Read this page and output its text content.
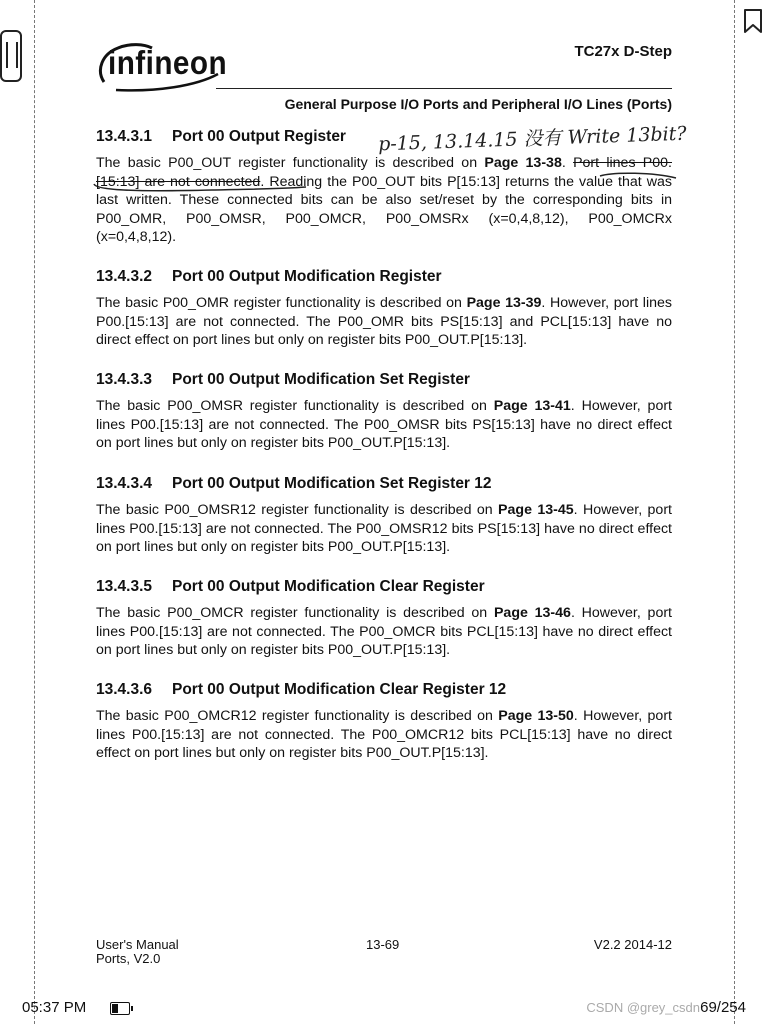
infineon	TC27x D-Step
General Purpose I/O Ports and Peripheral I/O Lines (Ports)
p-15, 13.14.15 没有 Write 13bit?
13.4.3.1 Port 00 Output Register

The basic P00_OUT register functionality is described on Page 13-38. Port lines P00.[15:13] are not connected. Reading the P00_OUT bits P[15:13] returns the value that was last written. These connected bits can be also set/reset by the corresponding bits in P00_OMR, P00_OMSR, P00_OMCR, P00_OMSRx (x=0,4,8,12), P00_OMCRx (x=0,4,8,12).

13.4.3.2 Port 00 Output Modification Register

The basic P00_OMR register functionality is described on Page 13-39. However, port lines P00.[15:13] are not connected. The P00_OMR bits PS[15:13] and PCL[15:13] have no direct effect on port lines but only on register bits P00_OUT.P[15:13].

13.4.3.3 Port 00 Output Modification Set Register

The basic P00_OMSR register functionality is described on Page 13-41. However, port lines P00.[15:13] are not connected. The P00_OMSR bits PS[15:13] have no direct effect on port lines but only on register bits P00_OUT.P[15:13].

13.4.3.4 Port 00 Output Modification Set Register 12

The basic P00_OMSR12 register functionality is described on Page 13-45. However, port lines P00.[15:13] are not connected. The P00_OMSR12 bits PS[15:13] have no direct effect on port lines but only on register bits P00_OUT.P[15:13].

13.4.3.5 Port 00 Output Modification Clear Register

The basic P00_OMCR register functionality is described on Page 13-46. However, port lines P00.[15:13] are not connected. The P00_OMCR bits PCL[15:13] have no direct effect on port lines but only on register bits P00_OUT.P[15:13].

13.4.3.6 Port 00 Output Modification Clear Register 12

The basic P00_OMCR12 register functionality is described on Page 13-50. However, port lines P00.[15:13] are not connected. The P00_OMCR12 bits PCL[15:13] have no direct effect on port lines but only on register bits P00_OUT.P[15:13].

User's Manual
Ports, V2.0
13-69	V2.2 2014-12
05:37 PM	CSDN @grey_csdn 69/254
